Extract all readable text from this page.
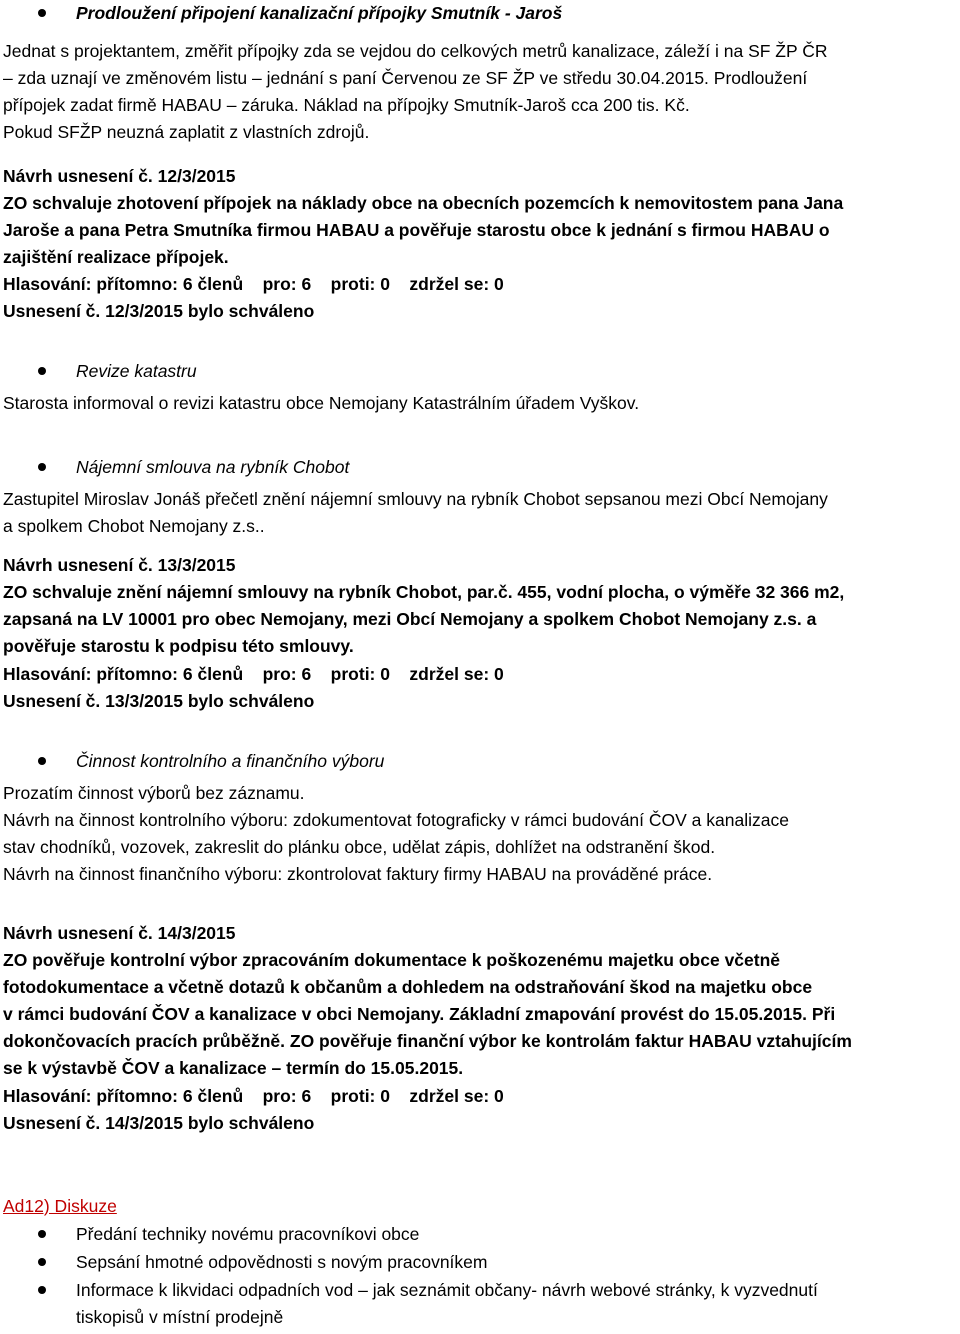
Prodloužení připojení kanalizační přípojky Smutník - Jaroš
Jednat s projektantem, změřit přípojky zda se vejdou do celkových metrů kanalizace, záleží i na SF ŽP ČR
– zda uznají ve změnovém listu – jednání s paní Červenou ze SF ŽP ve středu 30.04.2015. Prodloužení
přípojek zadat firmě HABAU – záruka. Náklad na přípojky Smutník-Jaroš cca 200 tis. Kč.
Pokud SFŽP neuzná zaplatit z vlastních zdrojů.
Návrh usnesení č. 12/3/2015
ZO schvaluje zhotovení přípojek na náklady obce na obecních pozemcích k nemovitostem pana Jana
Jaroše a pana Petra Smutníka firmou HABAU a pověřuje starostu obce k jednání s firmou HABAU o
zajištění realizace přípojek.
Hlasování: přítomno: 6 členů    pro: 6    proti: 0    zdržel se: 0
Usnesení č. 12/3/2015 bylo schváleno
Revize katastru
Starosta informoval o revizi katastru obce Nemojany Katastrálním úřadem Vyškov.
Nájemní smlouva na rybník Chobot
Zastupitel Miroslav Jonáš přečetl znění nájemní smlouvy na rybník Chobot sepsanou mezi Obcí Nemojany
a spolkem Chobot Nemojany z.s..
Návrh usnesení č. 13/3/2015
ZO schvaluje znění nájemní smlouvy na rybník Chobot, par.č. 455, vodní plocha, o výměře 32 366 m2,
zapsaná na LV 10001 pro obec Nemojany, mezi Obcí Nemojany a spolkem Chobot Nemojany z.s. a
pověřuje starostu k podpisu této smlouvy.
Hlasování: přítomno: 6 členů    pro: 6    proti: 0    zdržel se: 0
Usnesení č. 13/3/2015 bylo schváleno
Činnost kontrolního a finančního výboru
Prozatím činnost výborů bez záznamu.
Návrh na činnost kontrolního výboru: zdokumentovat fotograficky v rámci budování ČOV a kanalizace
stav chodníků, vozovek, zakreslit do plánku obce, udělat zápis, dohlížet na odstranění škod.
Návrh na činnost finančního výboru: zkontrolovat faktury firmy HABAU na prováděné práce.
Návrh usnesení č. 14/3/2015
ZO pověřuje kontrolní výbor zpracováním dokumentace k poškozenému majetku obce včetně
fotodokumentace a včetně dotazů k občanům a dohledem na odstraňování škod na majetku obce
v rámci budování ČOV a kanalizace v obci Nemojany. Základní zmapování provést do 15.05.2015. Při
dokončovacích pracích průběžně. ZO pověřuje finanční výbor ke kontrolám faktur HABAU vztahujícím
se k výstavbě ČOV a kanalizace – termín do 15.05.2015.
Hlasování: přítomno: 6 členů    pro: 6    proti: 0    zdržel se: 0
Usnesení č. 14/3/2015 bylo schváleno
Ad12) Diskuze
Předání techniky novému pracovníkovi obce
Sepsání hmotné odpovědnosti s novým pracovníkem
Informace k likvidaci odpadních vod – jak seznámit občany- návrh webové stránky, k vyzvednutí
tiskopisů v místní prodejně
